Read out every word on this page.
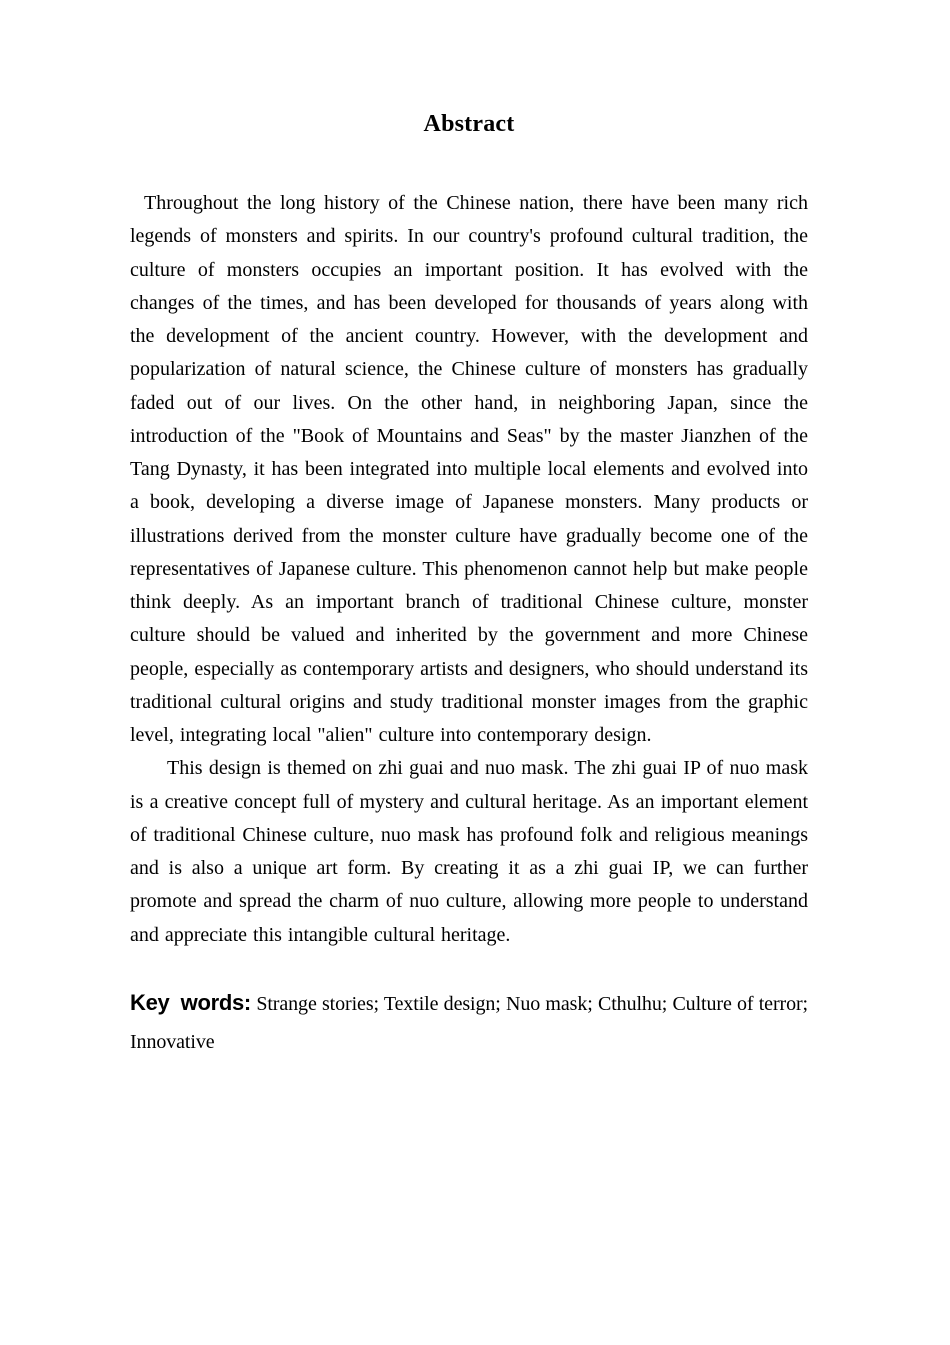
Abstract

Throughout the long history of the Chinese nation, there have been many rich legends of monsters and spirits. In our country's profound cultural tradition, the culture of monsters occupies an important position. It has evolved with the changes of the times, and has been developed for thousands of years along with the development of the ancient country. However, with the development and popularization of natural science, the Chinese culture of monsters has gradually faded out of our lives. On the other hand, in neighboring Japan, since the introduction of the "Book of Mountains and Seas" by the master Jianzhen of the Tang Dynasty, it has been integrated into multiple local elements and evolved into a book, developing a diverse image of Japanese monsters. Many products or illustrations derived from the monster culture have gradually become one of the representatives of Japanese culture. This phenomenon cannot help but make people think deeply. As an important branch of traditional Chinese culture, monster culture should be valued and inherited by the government and more Chinese people, especially as contemporary artists and designers, who should understand its traditional cultural origins and study traditional monster images from the graphic level, integrating local "alien" culture into contemporary design.

This design is themed on zhi guai and nuo mask. The zhi guai IP of nuo mask is a creative concept full of mystery and cultural heritage. As an important element of traditional Chinese culture, nuo mask has profound folk and religious meanings and is also a unique art form. By creating it as a zhi guai IP, we can further promote and spread the charm of nuo culture, allowing more people to understand and appreciate this intangible cultural heritage.

Key words: Strange stories; Textile design; Nuo mask; Cthulhu; Culture of terror; Innovative
